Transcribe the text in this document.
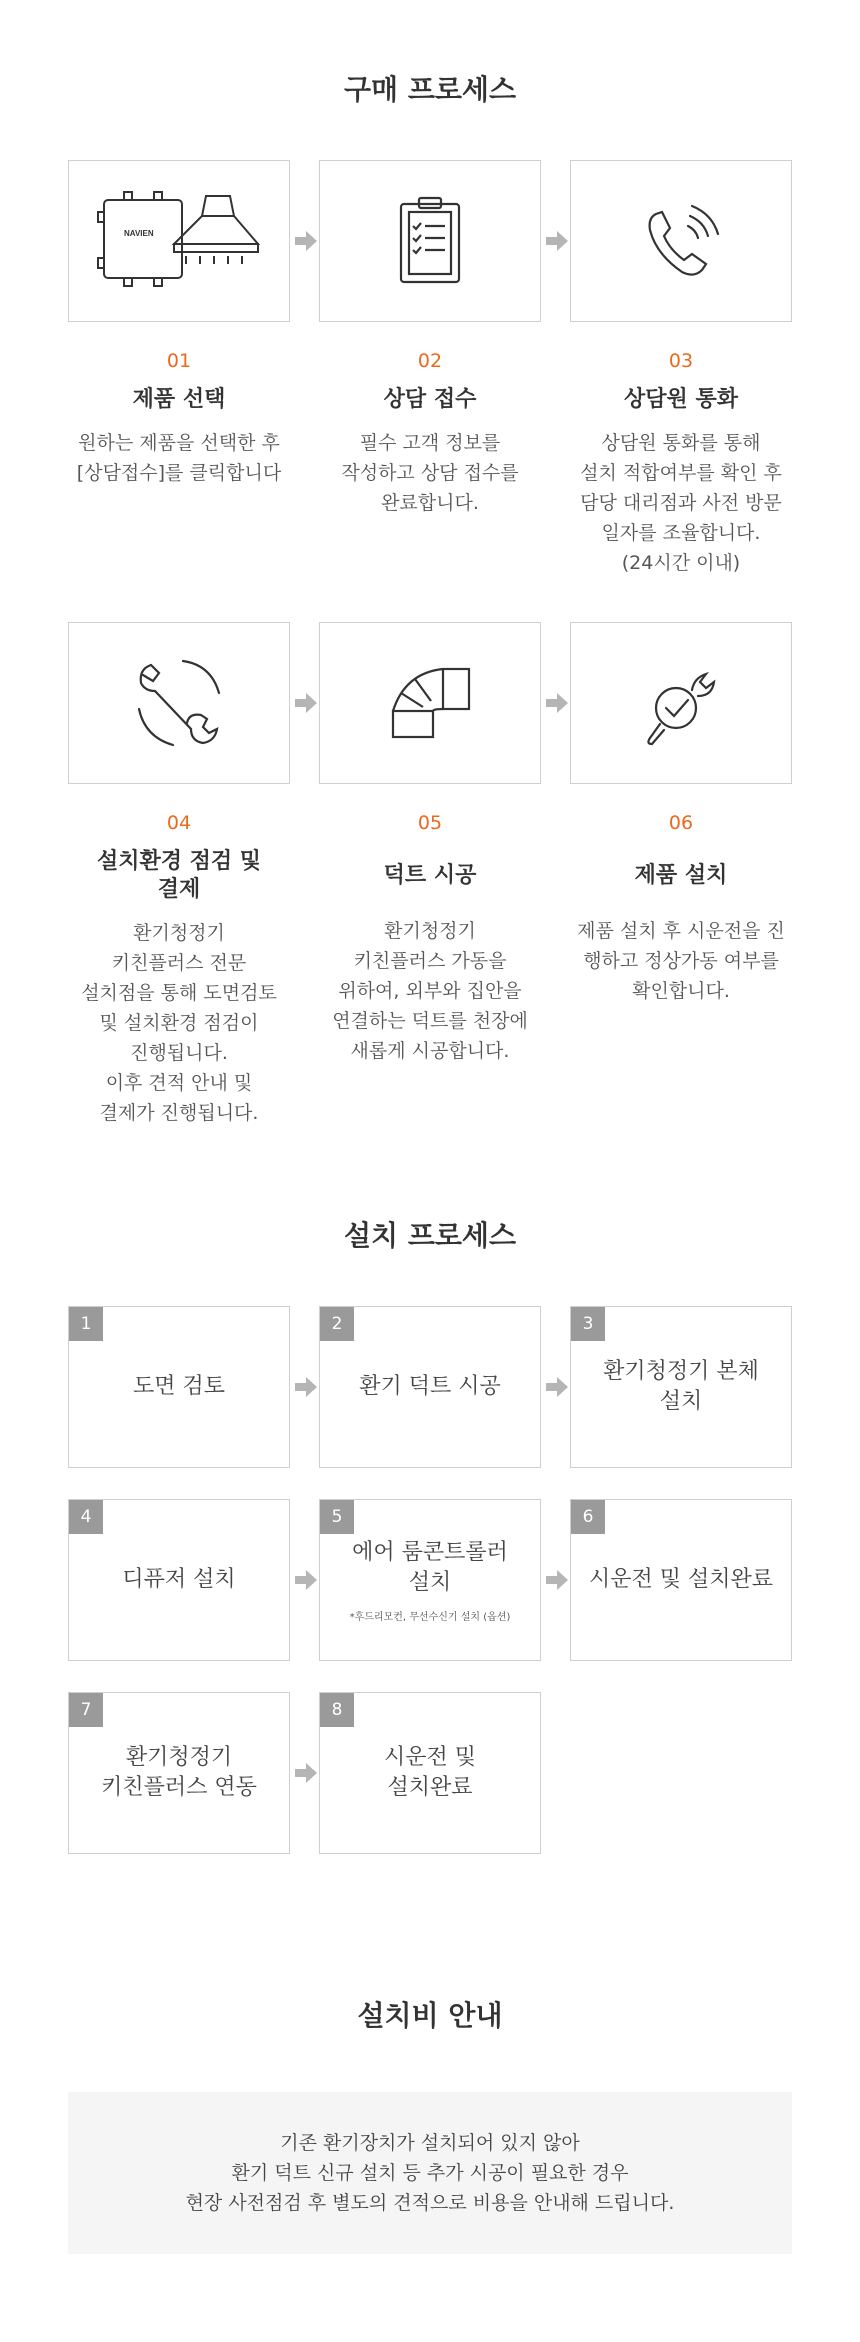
구매 프로세스
NAVIEN
01
제품 선택
원하는 제품을 선택한 후
[상담접수]를 클릭합니다
02
상담 접수
필수 고객 정보를
작성하고 상담 접수를
완료합니다.
03
상담원 통화
상담원 통화를 통해
설치 적합여부를 확인 후
담당 대리점과 사전 방문
일자를 조율합니다.
(24시간 이내)
04
설치환경 점검 및 결제
환기청정기
키친플러스 전문
설치점을 통해 도면검토
및 설치환경 점검이
진행됩니다.
이후 견적 안내 및
결제가 진행됩니다.
05
덕트 시공
환기청정기
키친플러스 가동을
위하여, 외부와 집안을
연결하는 덕트를 천장에
새롭게 시공합니다.
06
제품 설치
제품 설치 후 시운전을 진
행하고 정상가동 여부를
확인합니다.
설치 프로세스
1
도면 검토
2
환기 덕트 시공
3
환기청정기 본체
설치
4
디퓨저 설치
5
에어 룸콘트롤러
설치
*후드리모컨, 무선수신기 설치 (옵션)
6
시운전 및 설치완료
7
환기청정기
키친플러스 연동
8
시운전 및
설치완료
설치비 안내

기존 환기장치가 설치되어 있지 않아

환기 덕트 신규 설치 등 추가 시공이 필요한 경우

현장 사전점검 후 별도의 견적으로 비용을 안내해 드립니다.
